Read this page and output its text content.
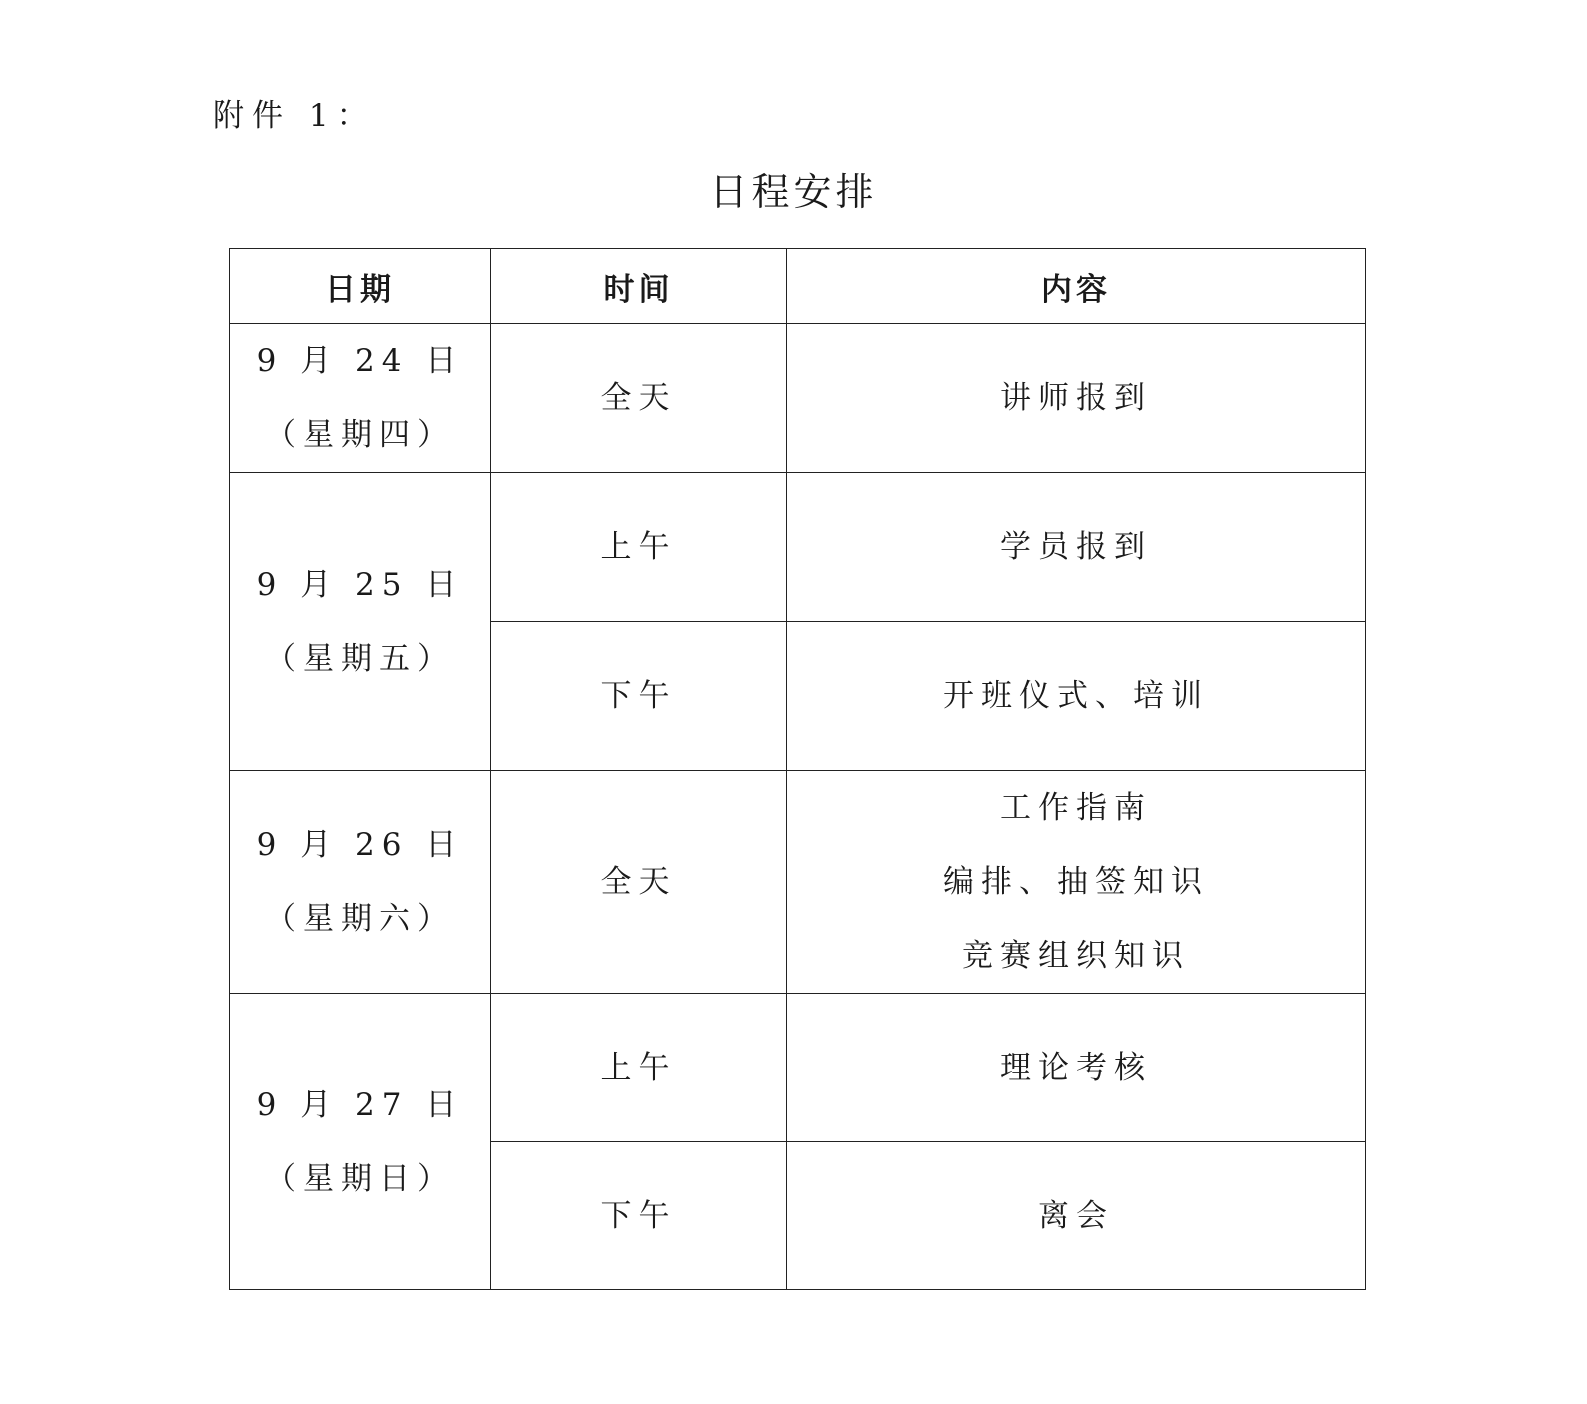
附件 1：
日程安排
日期	时间	内容

9 月 24 日
（星期四）	全天	讲师报到

9 月 25 日
（星期五）	上午	学员报到

	下午	开班仪式、培训

9 月 26 日
（星期六）	全天	工作指南
编排、抽签知识
竞赛组织知识

9 月 27 日
（星期日）	上午	理论考核

	下午	离会
